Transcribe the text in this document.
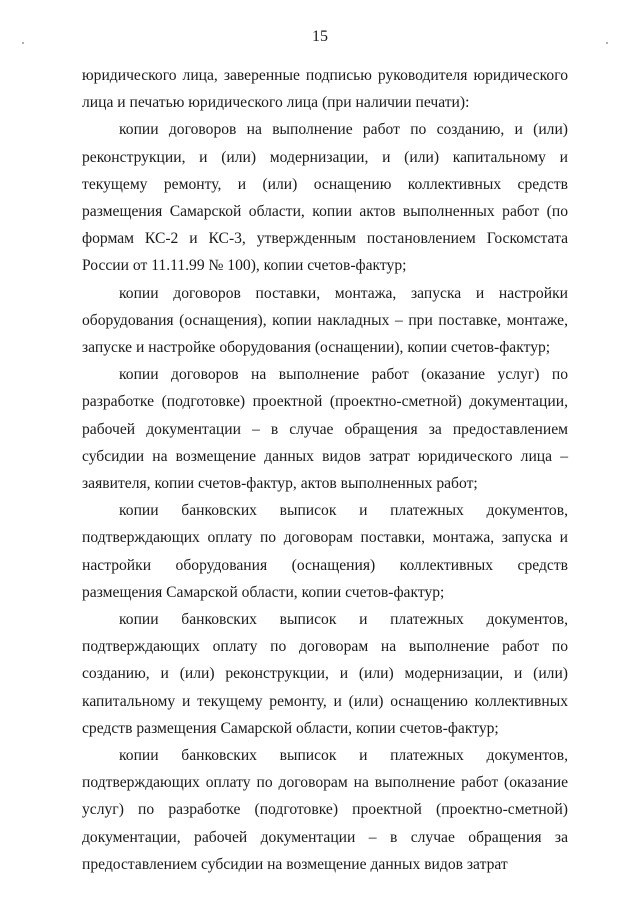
15

юридического лица, заверенные подписью руководителя юридического лица и печатью юридического лица (при наличии печати):

копии договоров на выполнение работ по созданию, и (или) реконструкции, и (или) модернизации, и (или) капитальному и текущему ремонту, и (или) оснащению коллективных средств размещения Самарской области, копии актов выполненных работ (по формам КС-2 и КС-3, утвержденным постановлением Госкомстата России от 11.11.99 № 100), копии счетов-фактур;

копии договоров поставки, монтажа, запуска и настройки оборудования (оснащения), копии накладных – при поставке, монтаже, запуске и настройке оборудования (оснащении), копии счетов-фактур;

копии договоров на выполнение работ (оказание услуг) по разработке (подготовке) проектной (проектно-сметной) документации, рабочей документации – в случае обращения за предоставлением субсидии на возмещение данных видов затрат юридического лица – заявителя, копии счетов-фактур, актов выполненных работ;

копии банковских выписок и платежных документов, подтверждающих оплату по договорам поставки, монтажа, запуска и настройки оборудования (оснащения) коллективных средств размещения Самарской области, копии счетов-фактур;

копии банковских выписок и платежных документов, подтверждающих оплату по договорам на выполнение работ по созданию, и (или) реконструкции, и (или) модернизации, и (или) капитальному и текущему ремонту, и (или) оснащению коллективных средств размещения Самарской области, копии счетов-фактур;

копии банковских выписок и платежных документов, подтверждающих оплату по договорам на выполнение работ (оказание услуг) по разработке (подготовке) проектной (проектно-сметной) документации, рабочей документации – в случае обращения за предоставлением субсидии на возмещение данных видов затрат
